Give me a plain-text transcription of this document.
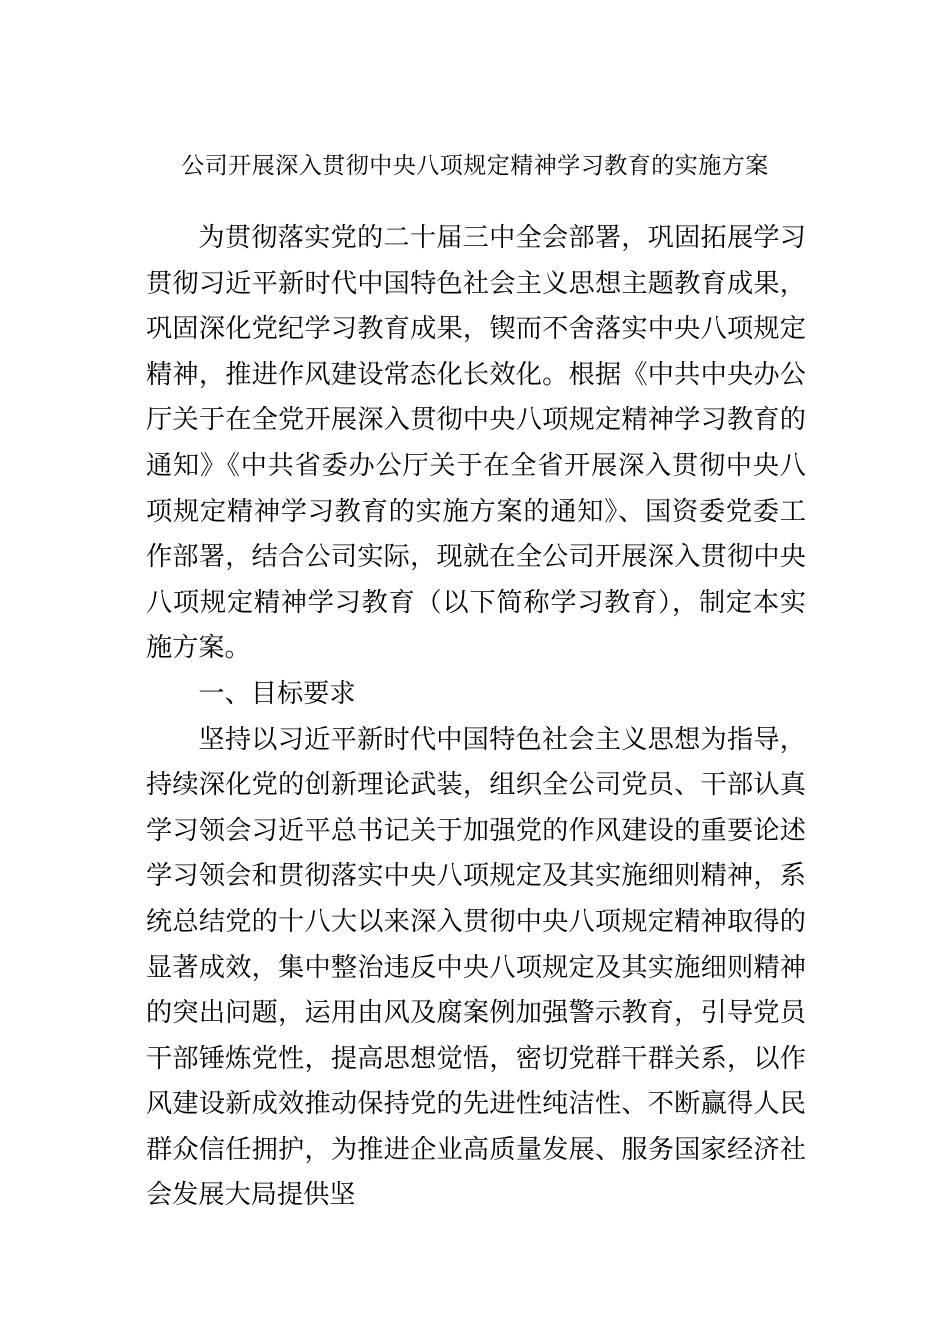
公司开展深入贯彻中央八项规定精神学习教育的实施方案

为贯彻落实党的二十届三中全会部署，巩固拓展学习贯彻习近平新时代中国特色社会主义思想主题教育成果，巩固深化党纪学习教育成果，锲而不舍落实中央八项规定精神，推进作风建设常态化长效化。根据《中共中央办公厅关于在全党开展深入贯彻中央八项规定精神学习教育的通知》《中共省委办公厅关于在全省开展深入贯彻中央八项规定精神学习教育的实施方案的通知》、国资委党委工作部署，结合公司实际，现就在全公司开展深入贯彻中央八项规定精神学习教育（以下简称学习教育），制定本实施方案。

一、目标要求

坚持以习近平新时代中国特色社会主义思想为指导，持续深化党的创新理论武装，组织全公司党员、干部认真学习领会习近平总书记关于加强党的作风建设的重要论述学习领会和贯彻落实中央八项规定及其实施细则精神，系统总结党的十八大以来深入贯彻中央八项规定精神取得的显著成效，集中整治违反中央八项规定及其实施细则精神的突出问题，运用由风及腐案例加强警示教育，引导党员干部锤炼党性，提高思想觉悟，密切党群干群关系，以作风建设新成效推动保持党的先进性纯洁性、不断赢得人民群众信任拥护，为推进企业高质量发展、服务国家经济社会发展大局提供坚
